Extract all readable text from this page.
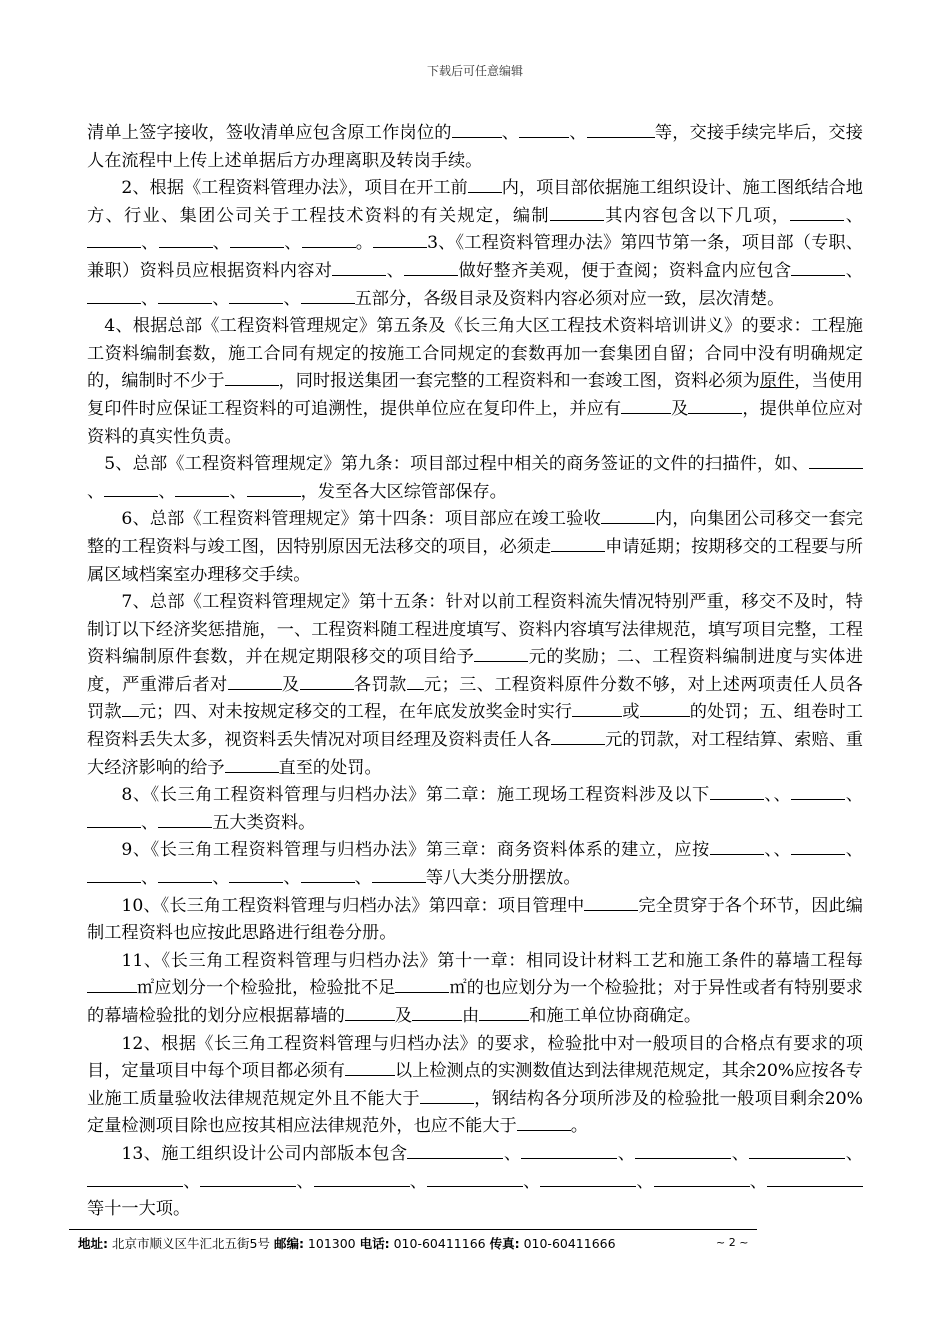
下载后可任意编辑

清单上签字接收，签收清单应包含原工作岗位的	、	、	等，交接手续完毕后，交接人在流程中上传上述单据后方办理离职及转岗手续。

2、根据《工程资料管理办法》，项目在开工前 内，项目部依据施工组织设计、施工图纸结合地方、行业、集团公司关于工程技术资料的有关规定，编制	其内容包含以下几项，	、、	、	、	。	3、《工程资料管理办法》第四节第一条，项目部（专职、兼职）资料员应根据资料内容对	、	做好整齐美观，便于查阅；资料盒内应包含	、、	、	、	五部分，各级目录及资料内容必须对应一致，层次清楚。

4、根据总部《工程资料管理规定》第五条及《长三角大区工程技术资料培训讲义》的要求：工程施工资料编制套数，施工合同有规定的按施工合同规定的套数再加一套集团自留；合同中没有明确规定的，编制时不少于	，同时报送集团一套完整的工程资料和一套竣工图，资料必须为原件，当使用复印件时应保证工程资料的可追溯性，提供单位应在复印件上，并应有	及	，提供单位应对资料的真实性负责。

5、总部《工程资料管理规定》第九条：项目部过程中相关的商务签证的文件的扫描件，如、、	、	、	，发至各大区综管部保存。

6、总部《工程资料管理规定》第十四条：项目部应在竣工验收	内，向集团公司移交一套完整的工程资料与竣工图，因特别原因无法移交的项目，必须走	申请延期；按期移交的工程要与所属区域档案室办理移交手续。

7、总部《工程资料管理规定》第十五条：针对以前工程资料流失情况特别严重，移交不及时，特制订以下经济奖惩措施，一、工程资料随工程进度填写、资料内容填写法律规范，填写项目完整，工程资料编制原件套数，并在规定期限移交的项目给予	元的奖励；二、工程资料编制进度与实体进度，严重滞后者对	及	各罚款 元；三、工程资料原件分数不够，对上述两项责任人员各罚款 元；四、对未按规定移交的工程，在年底发放奖金时实行	或	的处罚；五、组卷时工程资料丢失太多，视资料丢失情况对项目经理及资料责任人各	元的罚款，对工程结算、索赔、重大经济影响的给予	直至的处罚。

8、《长三角工程资料管理与归档办法》第二章：施工现场工程资料涉及以下	、、	、、	五大类资料。

9、《长三角工程资料管理与归档办法》第三章：商务资料体系的建立，应按	、、	、、	、	、	、	等八大类分册摆放。

10、《长三角工程资料管理与归档办法》第四章：项目管理中	完全贯穿于各个环节，因此编制工程资料也应按此思路进行组卷分册。

11、《长三角工程资料管理与归档办法》第十一章：相同设计材料工艺和施工条件的幕墙工程每㎡应划分一个检验批，检验批不足	㎡的也应划分为一个检验批；对于异性或者有特别要求的幕墙检验批的划分应根据幕墙的	及	由	和施工单位协商确定。

12、根据《长三角工程资料管理与归档办法》的要求，检验批中对一般项目的合格点有要求的项目，定量项目中每个项目都必须有	以上检测点的实测数值达到法律规范规定，其余20%应按各专业施工质量验收法律规范规定外且不能大于	，钢结构各分项所涉及的检验批一般项目剩余20%定量检测项目除也应按其相应法律规范外，也应不能大于	。

13、施工组织设计公司内部版本包含	、	、	、	、、	、	、	、	、	、等十一大项。

地址: 北京市顺义区牛汇北五街5号 邮编: 101300 电话: 010-60411166 传真: 010-60411666	~ 2 ~
